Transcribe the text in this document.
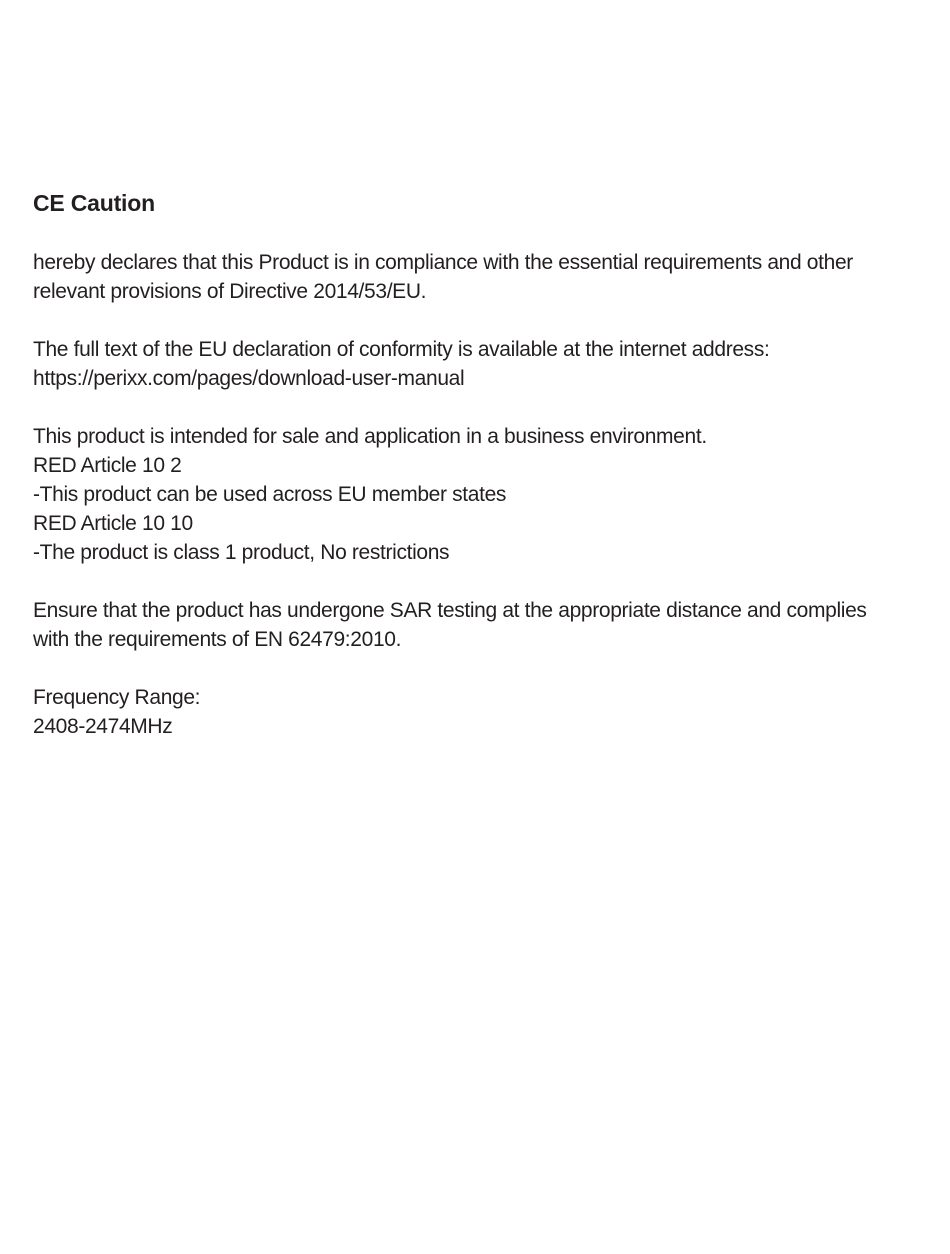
CE Caution
hereby declares that this Product is in compliance with the essential requirements and other
relevant provisions of Directive 2014/53/EU.
The full text of the EU declaration of conformity is available at the internet address:
https://perixx.com/pages/download-user-manual
This product is intended for sale and application in a business environment.
RED Article 10 2
-This product can be used across EU member states
RED Article 10 10
-The product is class 1 product, No restrictions
Ensure that the product has undergone SAR testing at the appropriate distance and complies
with the requirements of EN 62479:2010.
Frequency Range:
2408-2474MHz
